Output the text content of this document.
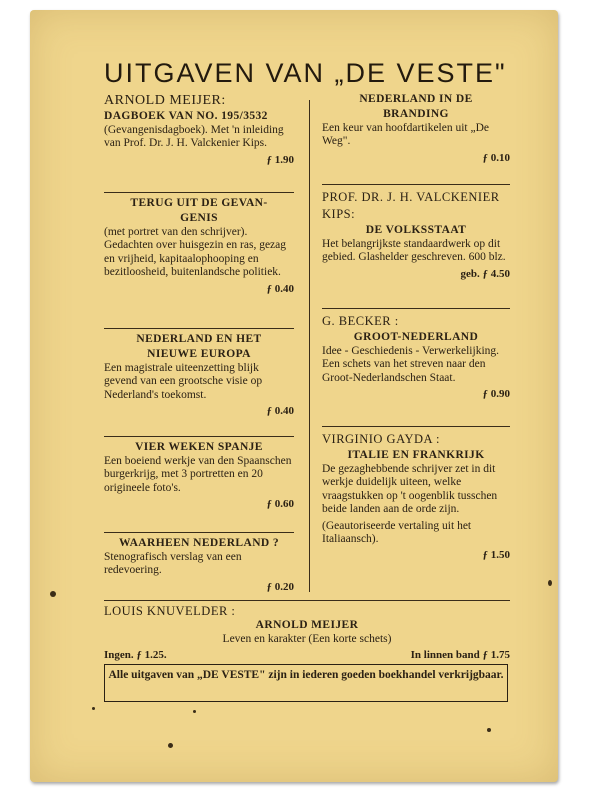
UITGAVEN VAN „DE VESTE"
ARNOLD MEIJER:
DAGBOEK VAN NO. 195/3532
(Gevangenisdagboek). Met 'n inleiding van Prof. Dr. J. H. Valckenier Kips.
ƒ 1.90
TERUG UIT DE GEVAN- GENIS
(met portret van den schrijver). Gedachten over huisgezin en ras, gezag en vrijheid, kapitaalophooping en bezitloosheid, buitenlandsche politiek.
ƒ 0.40
NEDERLAND EN HET NIEUWE EUROPA
Een magistrale uiteenzetting blijk gevend van een grootsche visie op Nederland's toekomst.
ƒ 0.40
VIER WEKEN SPANJE
Een boeiend werkje van den Spaanschen burgerkrijg, met 3 portretten en 20 origineele foto's.
ƒ 0.60
WAARHEEN NEDERLAND ?
Stenografisch verslag van een redevoering.
ƒ 0.20
NEDERLAND IN DE BRANDING
Een keur van hoofdartikelen uit „De Weg".
ƒ 0.10
PROF. DR. J. H. VALCKENIER KIPS:
DE VOLKSSTAAT
Het belangrijkste standaardwerk op dit gebied. Glashelder geschreven. 600 blz.
geb. ƒ 4.50
G. BECKER :
GROOT-NEDERLAND
Idee - Geschiedenis - Verwerkelijking. Een schets van het streven naar den Groot-Nederlandschen Staat.
ƒ 0.90
VIRGINIO GAYDA :
ITALIE EN FRANKRIJK
De gezaghebbende schrijver zet in dit werkje duidelijk uiteen, welke vraagstukken op 't oogenblik tusschen beide landen aan de orde zijn.
(Geautoriseerde vertaling uit het Italiaansch).
ƒ 1.50
LOUIS KNUVELDER :
ARNOLD MEIJER
Leven en karakter (Een korte schets)
Ingen. ƒ 1.25.	In linnen band ƒ 1.75
Alle uitgaven van „DE VESTE" zijn in iederen goeden boekhandel verkrijgbaar.
